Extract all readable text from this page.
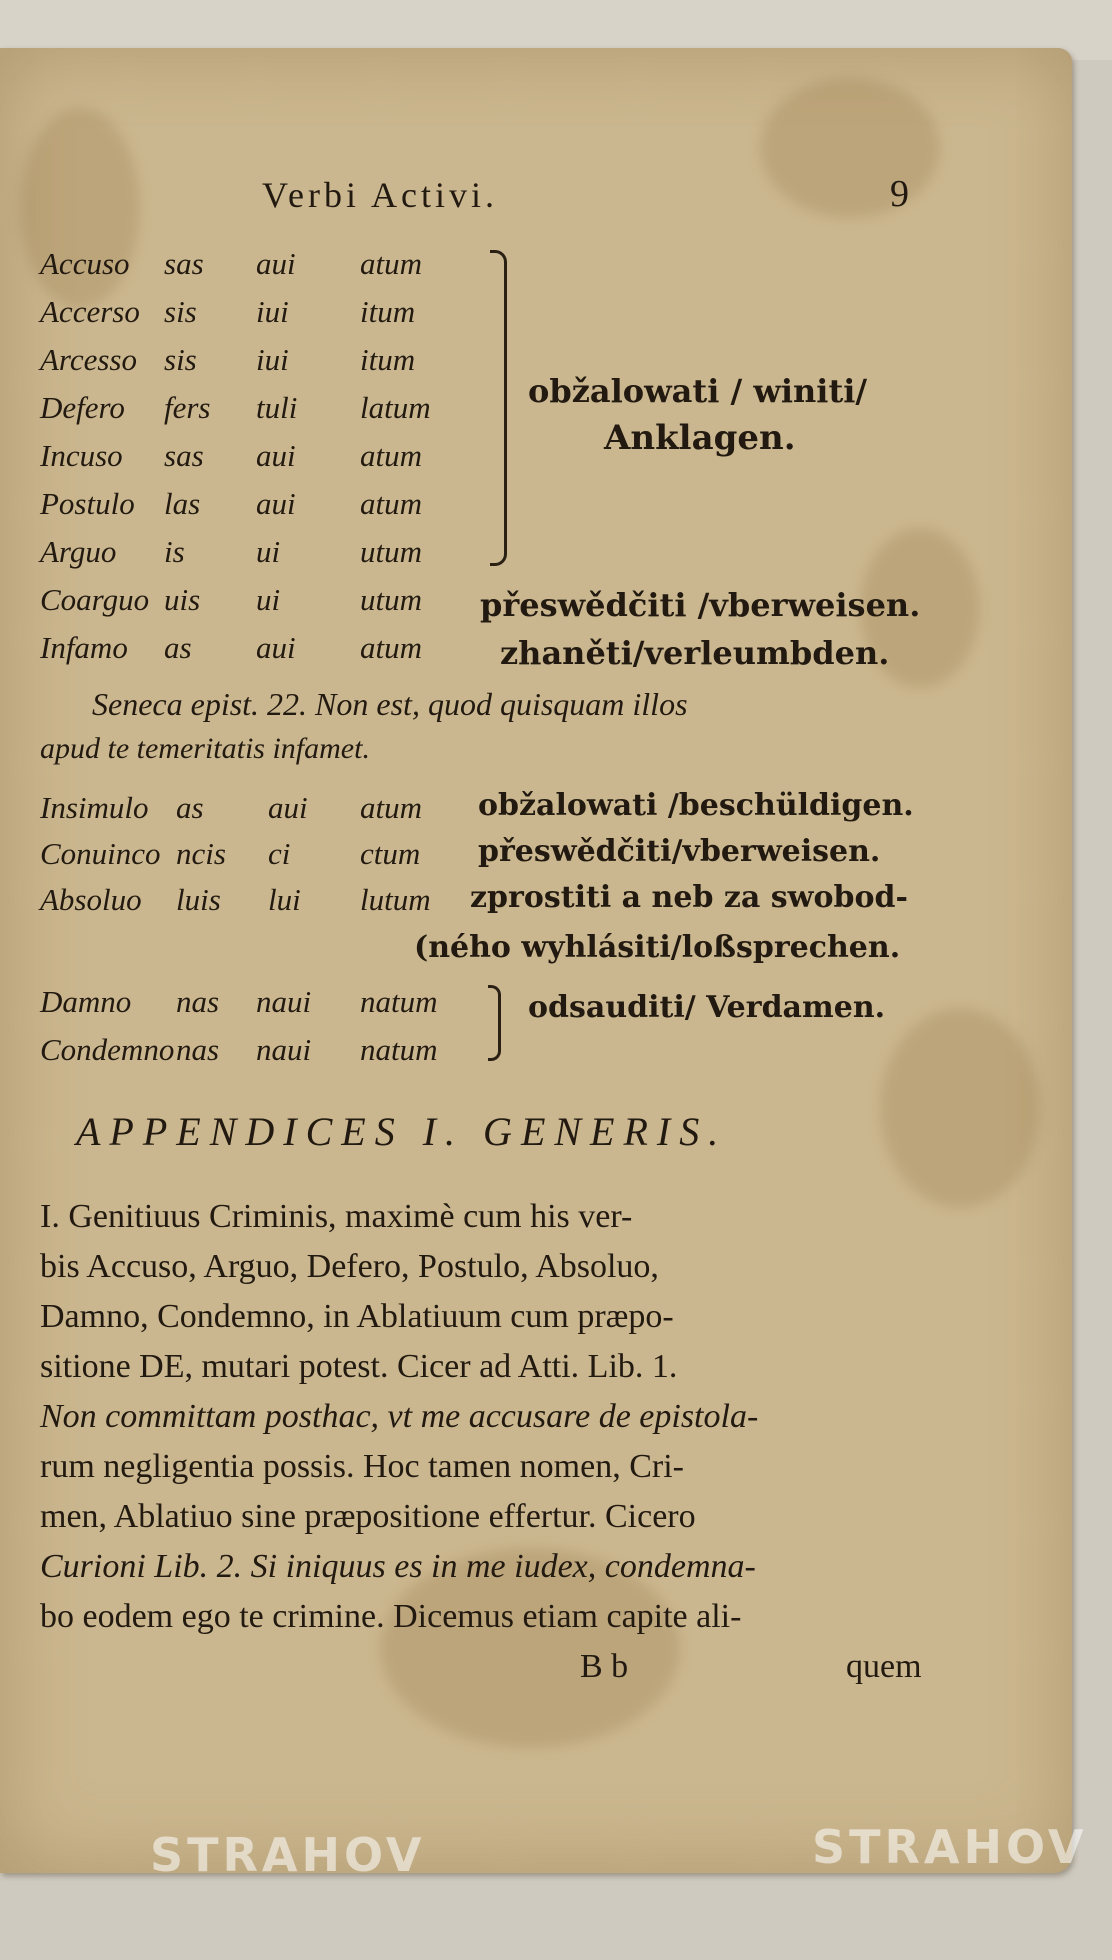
Verbi Activi.	9
Accuso sas aui atum
Accerso sis iui itum
Arcesso sis iui itum
Defero fers tuli latum
Incuso sas aui atum
Postulo las aui atum
Arguo is ui	utum
Coarguo uis ui	utum
Infamo as aui atum
obžalowati / winiti/
Anklagen.
přeswědčiti /vberweisen.
zhaněti/verleumbden.
Seneca epist. 22. Non est, quod quisquam illos
apud te temeritatis infamet.
Insimulo as aui atum
Conuinco ncis ci ctum
Absoluo luis lui lutum
obžalowati /beschüldigen.
přeswědčiti/vberweisen.
zprostiti a neb za swobod-
(ného wyhlásiti/loßsprechen.
Damno nas naui natum
Condemno nas naui natum
odsauditi/ Verdamen.
APPENDICES I. GENERIS.
I. Genitiuus Criminis, maximè cum his ver-
bis Accuso, Arguo, Defero, Postulo, Absoluo,
Damno, Condemno, in Ablatiuum cum præpo-
sitione DE, mutari potest. Cicer ad Atti. Lib. 1.
Non committam posthac, vt me accusare de epistola-
rum negligentia possis. Hoc tamen nomen, Cri-
men, Ablatiuo sine præpositione effertur. Cicero
Curioni Lib. 2. Si iniquus es in me iudex, condemna-
bo eodem ego te crimine. Dicemus etiam capite ali-
B b	quem
STRAHOV	STRAHOV
